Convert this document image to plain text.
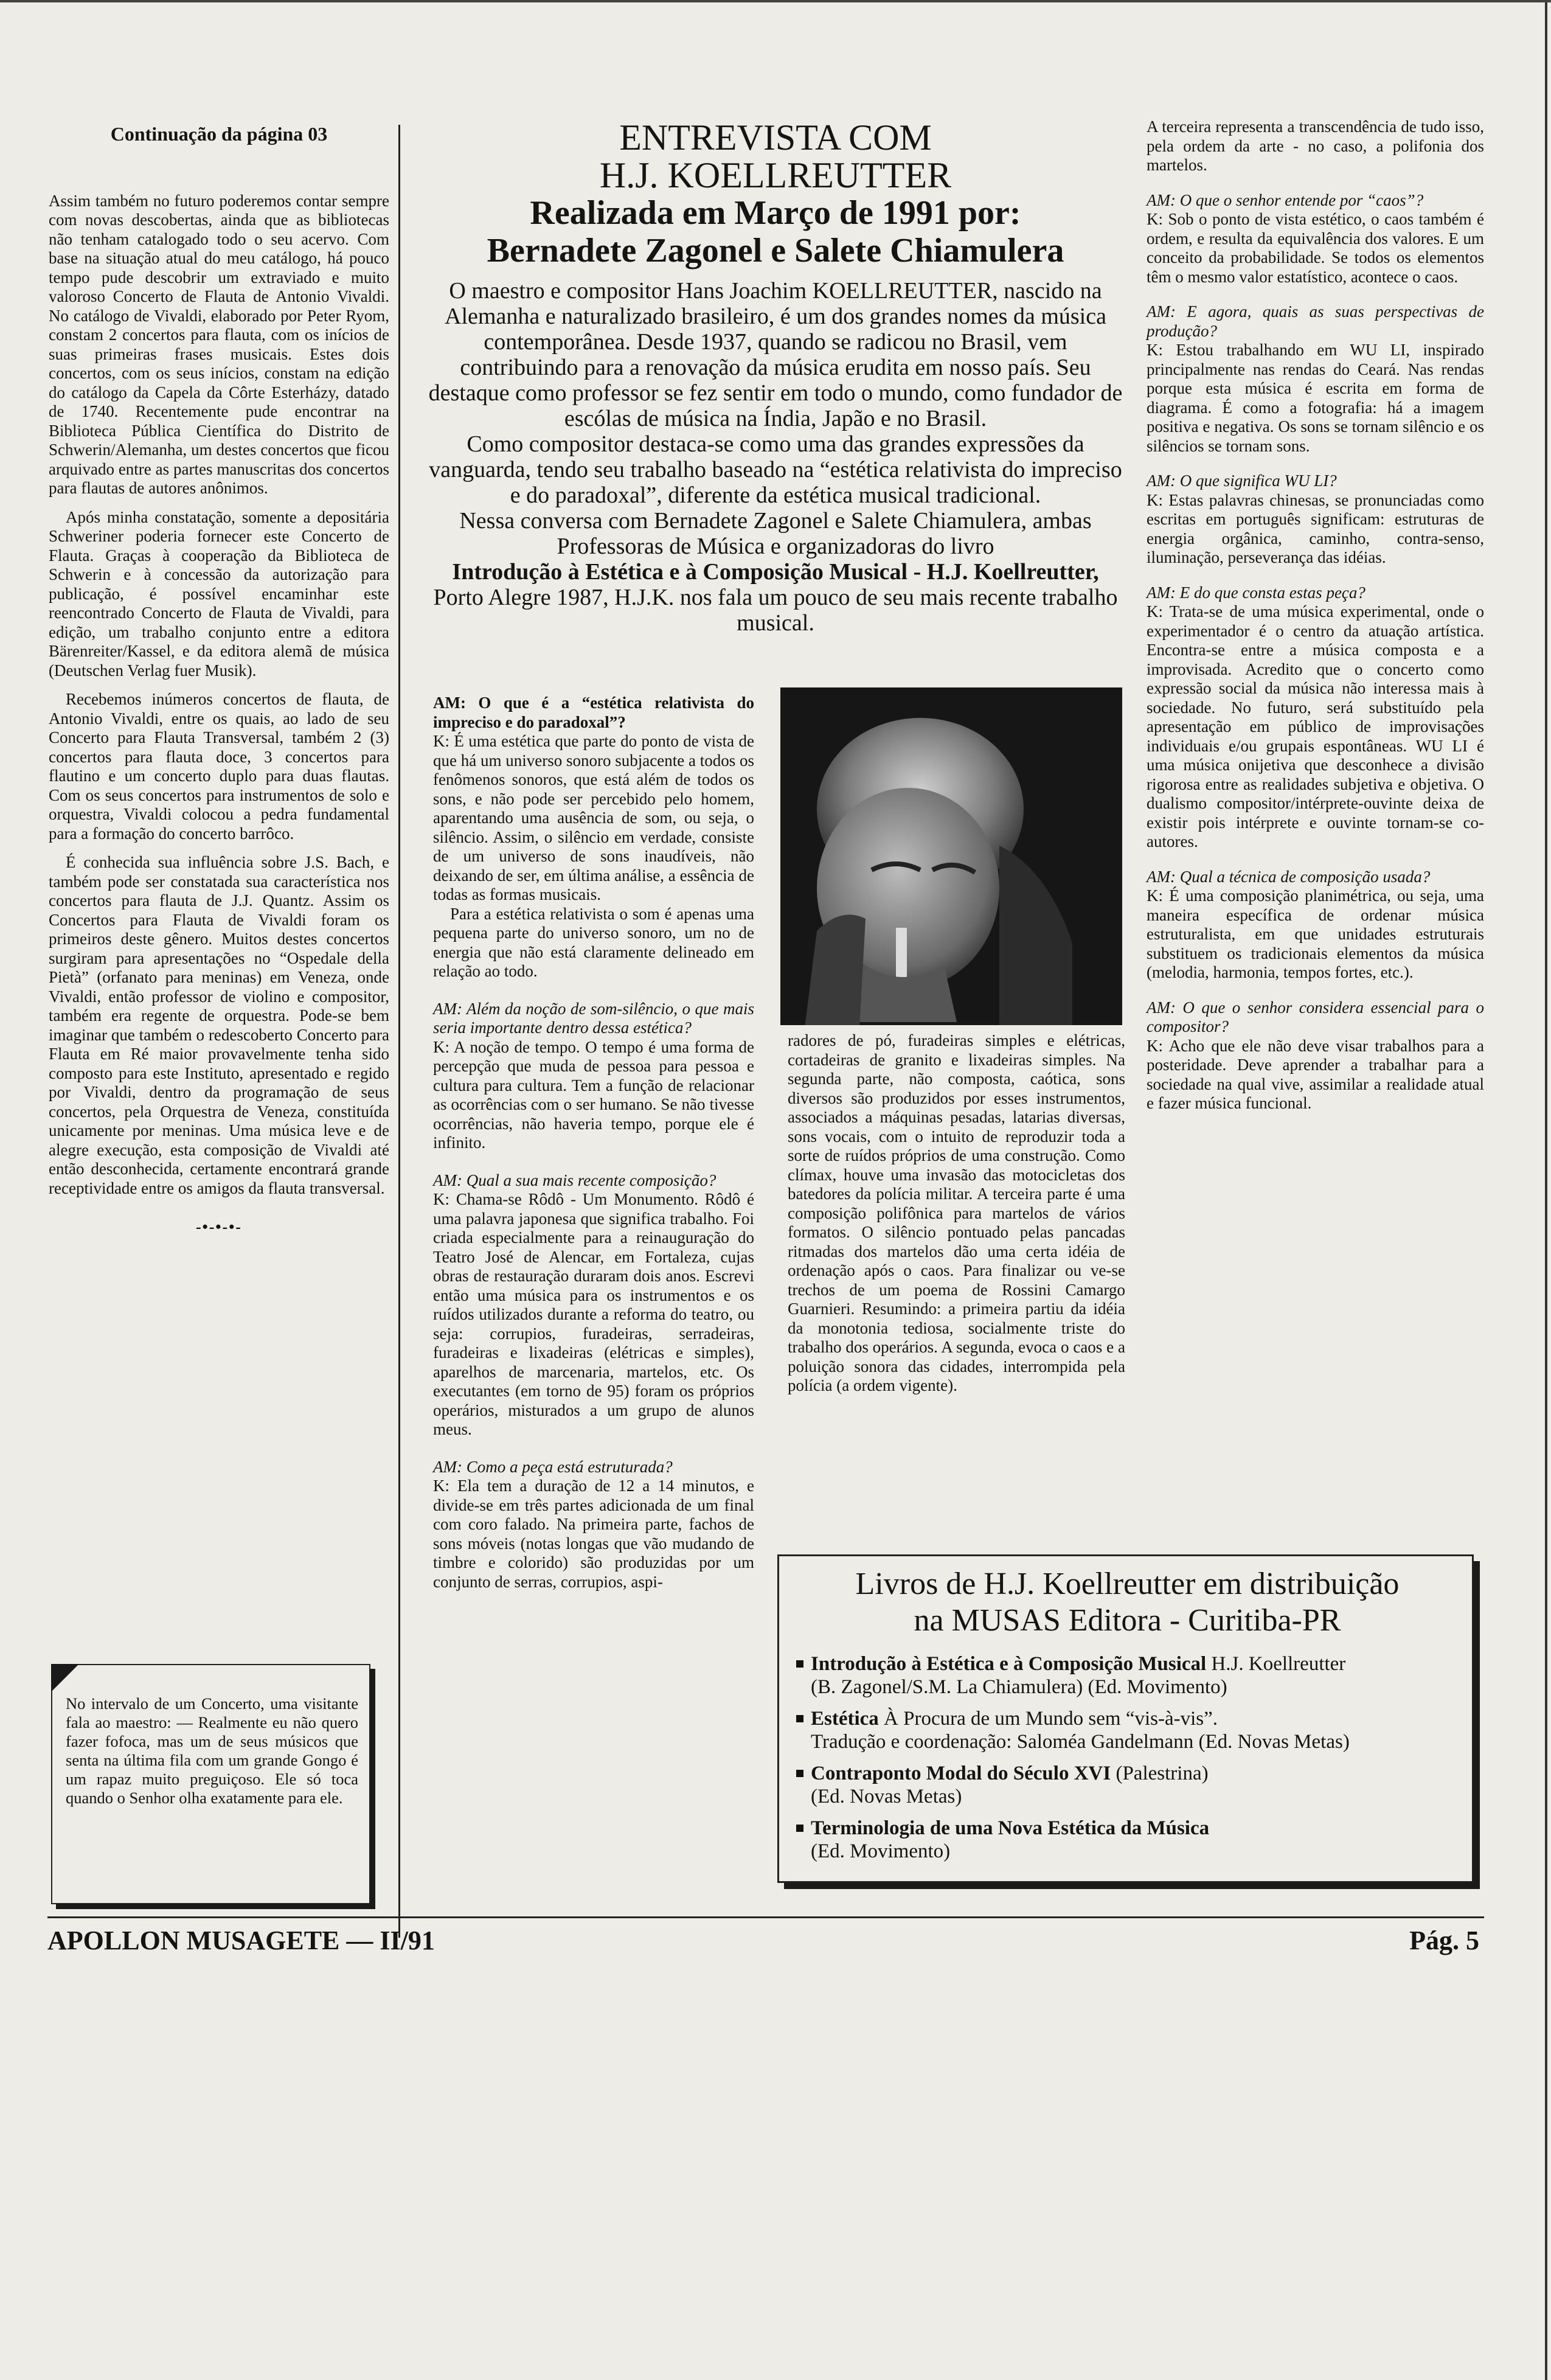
Continuação da página 03

Assim também no futuro poderemos contar sempre com novas descobertas, ainda que as bibliotecas não tenham catalogado todo o seu acervo. Com base na situação atual do meu catálogo, há pouco tempo pude descobrir um extraviado e muito valoroso Concerto de Flauta de Antonio Vivaldi. No catálogo de Vivaldi, elaborado por Peter Ryom, constam 2 concertos para flauta, com os inícios de suas primeiras frases musicais. Estes dois concertos, com os seus inícios, constam na edição do catálogo da Capela da Côrte Esterházy, datado de 1740. Recentemente pude encontrar na Biblioteca Pública Científica do Distrito de Schwerin/Alemanha, um destes concertos que ficou arquivado entre as partes manuscritas dos concertos para flautas de autores anônimos.

Após minha constatação, somente a depositária Schweriner poderia fornecer este Concerto de Flauta. Graças à cooperação da Biblioteca de Schwerin e à concessão da autorização para publicação, é possível encaminhar este reencontrado Concerto de Flauta de Vivaldi, para edição, um trabalho conjunto entre a editora Bärenreiter/Kassel, e da editora alemã de música (Deutschen Verlag fuer Musik).

Recebemos inúmeros concertos de flauta, de Antonio Vivaldi, entre os quais, ao lado de seu Concerto para Flauta Transversal, também 2 (3) concertos para flauta doce, 3 concertos para flautino e um concerto duplo para duas flautas. Com os seus concertos para instrumentos de solo e orquestra, Vivaldi colocou a pedra fundamental para a formação do concerto barrôco.

É conhecida sua influência sobre J.S. Bach, e também pode ser constatada sua característica nos concertos para flauta de J.J. Quantz. Assim os Concertos para Flauta de Vivaldi foram os primeiros deste gênero. Muitos destes concertos surgiram para apresentações no “Ospedale della Pietà” (orfanato para meninas) em Veneza, onde Vivaldi, então professor de violino e compositor, também era regente de orquestra. Pode-se bem imaginar que também o redescoberto Concerto para Flauta em Ré maior provavelmente tenha sido composto para este Instituto, apresentado e regido por Vivaldi, dentro da programação de seus concertos, pela Orquestra de Veneza, constituída unicamente por meninas. Uma música leve e de alegre execução, esta composição de Vivaldi até então desconhecida, certamente encontrará grande receptividade entre os amigos da flauta transversal.

-•-•-•-

No intervalo de um Concerto, uma visitante fala ao maestro: — Realmente eu não quero fazer fofoca, mas um de seus músicos que senta na última fila com um grande Gongo é um rapaz muito preguiçoso. Ele só toca quando o Senhor olha exatamente para ele.

ENTREVISTA COM
H.J. KOELLREUTTER
Realizada em Março de 1991 por:
Bernadete Zagonel e Salete Chiamulera

O maestro e compositor Hans Joachim KOELLREUTTER, nascido na Alemanha e naturalizado brasileiro, é um dos grandes nomes da música contemporânea. Desde 1937, quando se radicou no Brasil, vem contribuindo para a renovação da música erudita em nosso país. Seu destaque como professor se fez sentir em todo o mundo, como fundador de escólas de música na Índia, Japão e no Brasil.

Como compositor destaca-se como uma das grandes expressões da vanguarda, tendo seu trabalho baseado na “estética relativista do impreciso e do paradoxal”, diferente da estética musical tradicional.

Nessa conversa com Bernadete Zagonel e Salete Chiamulera, ambas Professoras de Música e organizadoras do livro

Introdução à Estética e à Composição Musical - H.J. Koellreutter,

Porto Alegre 1987, H.J.K. nos fala um pouco de seu mais recente trabalho musical.

AM: O que é a “estética relativista do impreciso e do paradoxal”?

K: É uma estética que parte do ponto de vista de que há um universo sonoro subjacente a todos os fenômenos sonoros, que está além de todos os sons, e não pode ser percebido pelo homem, aparentando uma ausência de som, ou seja, o silêncio. Assim, o silêncio em verdade, consiste de um universo de sons inaudíveis, não deixando de ser, em última análise, a essência de todas as formas musicais.

Para a estética relativista o som é apenas uma pequena parte do universo sonoro, um no de energia que não está claramente delineado em relação ao todo.

AM: Além da noção de som-silêncio, o que mais seria importante dentro dessa estética?

K: A noção de tempo. O tempo é uma forma de percepção que muda de pessoa para pessoa e cultura para cultura. Tem a função de relacionar as ocorrências com o ser humano. Se não tivesse ocorrências, não haveria tempo, porque ele é infinito.

AM: Qual a sua mais recente composição?

K: Chama-se Rôdô - Um Monumento. Rôdô é uma palavra japonesa que significa trabalho. Foi criada especialmente para a reinauguração do Teatro José de Alencar, em Fortaleza, cujas obras de restauração duraram dois anos. Escrevi então uma música para os instrumentos e os ruídos utilizados durante a reforma do teatro, ou seja: corrupios, furadeiras, serradeiras, furadeiras e lixadeiras (elétricas e simples), aparelhos de marcenaria, martelos, etc. Os executantes (em torno de 95) foram os próprios operários, misturados a um grupo de alunos meus.

AM: Como a peça está estruturada?

K: Ela tem a duração de 12 a 14 minutos, e divide-se em três partes adicionada de um final com coro falado. Na primeira parte, fachos de sons móveis (notas longas que vão mudando de timbre e colorido) são produzidas por um conjunto de serras, corrupios, aspi-

radores de pó, furadeiras simples e elétricas, cortadeiras de granito e lixadeiras simples. Na segunda parte, não composta, caótica, sons diversos são produzidos por esses instrumentos, associados a máquinas pesadas, latarias diversas, sons vocais, com o intuito de reproduzir toda a sorte de ruídos próprios de uma construção. Como clímax, houve uma invasão das motocicletas dos batedores da polícia militar. A terceira parte é uma composição polifônica para martelos de vários formatos. O silêncio pontuado pelas pancadas ritmadas dos martelos dão uma certa idéia de ordenação após o caos. Para finalizar ou ve-se trechos de um poema de Rossini Camargo Guarnieri. Resumindo: a primeira partiu da idéia da monotonia tediosa, socialmente triste do trabalho dos operários. A segunda, evoca o caos e a poluição sonora das cidades, interrompida pela polícia (a ordem vigente).

A terceira representa a transcendência de tudo isso, pela ordem da arte - no caso, a polifonia dos martelos.

AM: O que o senhor entende por “caos”?

K: Sob o ponto de vista estético, o caos também é ordem, e resulta da equivalência dos valores. E um conceito da probabilidade. Se todos os elementos têm o mesmo valor estatístico, acontece o caos.

AM: E agora, quais as suas perspectivas de produção?

K: Estou trabalhando em WU LI, inspirado principalmente nas rendas do Ceará. Nas rendas porque esta música é escrita em forma de diagrama. É como a fotografia: há a imagem positiva e negativa. Os sons se tornam silêncio e os silêncios se tornam sons.

AM: O que significa WU LI?

K: Estas palavras chinesas, se pronunciadas como escritas em português significam: estruturas de energia orgânica, caminho, contra-senso, iluminação, perseverança das idéias.

AM: E do que consta estas peça?

K: Trata-se de uma música experimental, onde o experimentador é o centro da atuação artística. Encontra-se entre a música composta e a improvisada. Acredito que o concerto como expressão social da música não interessa mais à sociedade. No futuro, será substituído pela apresentação em público de improvisações individuais e/ou grupais espontâneas. WU LI é uma música onijetiva que desconhece a divisão rigorosa entre as realidades subjetiva e objetiva. O dualismo compositor/intérprete-ouvinte deixa de existir pois intérprete e ouvinte tornam-se co-autores.

AM: Qual a técnica de composição usada?

K: É uma composição planimétrica, ou seja, uma maneira específica de ordenar música estruturalista, em que unidades estruturais substituem os tradicionais elementos da música (melodia, harmonia, tempos fortes, etc.).

AM: O que o senhor considera essencial para o compositor?

K: Acho que ele não deve visar trabalhos para a posteridade. Deve aprender a trabalhar para a sociedade na qual vive, assimilar a realidade atual e fazer música funcional.

Livros de H.J. Koellreutter em distribuição
na MUSAS Editora - Curitiba-PR
Introdução à Estética e à Composição Musical H.J. Koellreutter
(B. Zagonel/S.M. La Chiamulera) (Ed. Movimento)
Estética À Procura de um Mundo sem “vis-à-vis”.
Tradução e coordenação: Saloméa Gandelmann (Ed. Novas Metas)
Contraponto Modal do Século XVI (Palestrina)
(Ed. Novas Metas)
Terminologia de uma Nova Estética da Música
(Ed. Movimento)
APOLLON MUSAGETE — II/91	Pág. 5
